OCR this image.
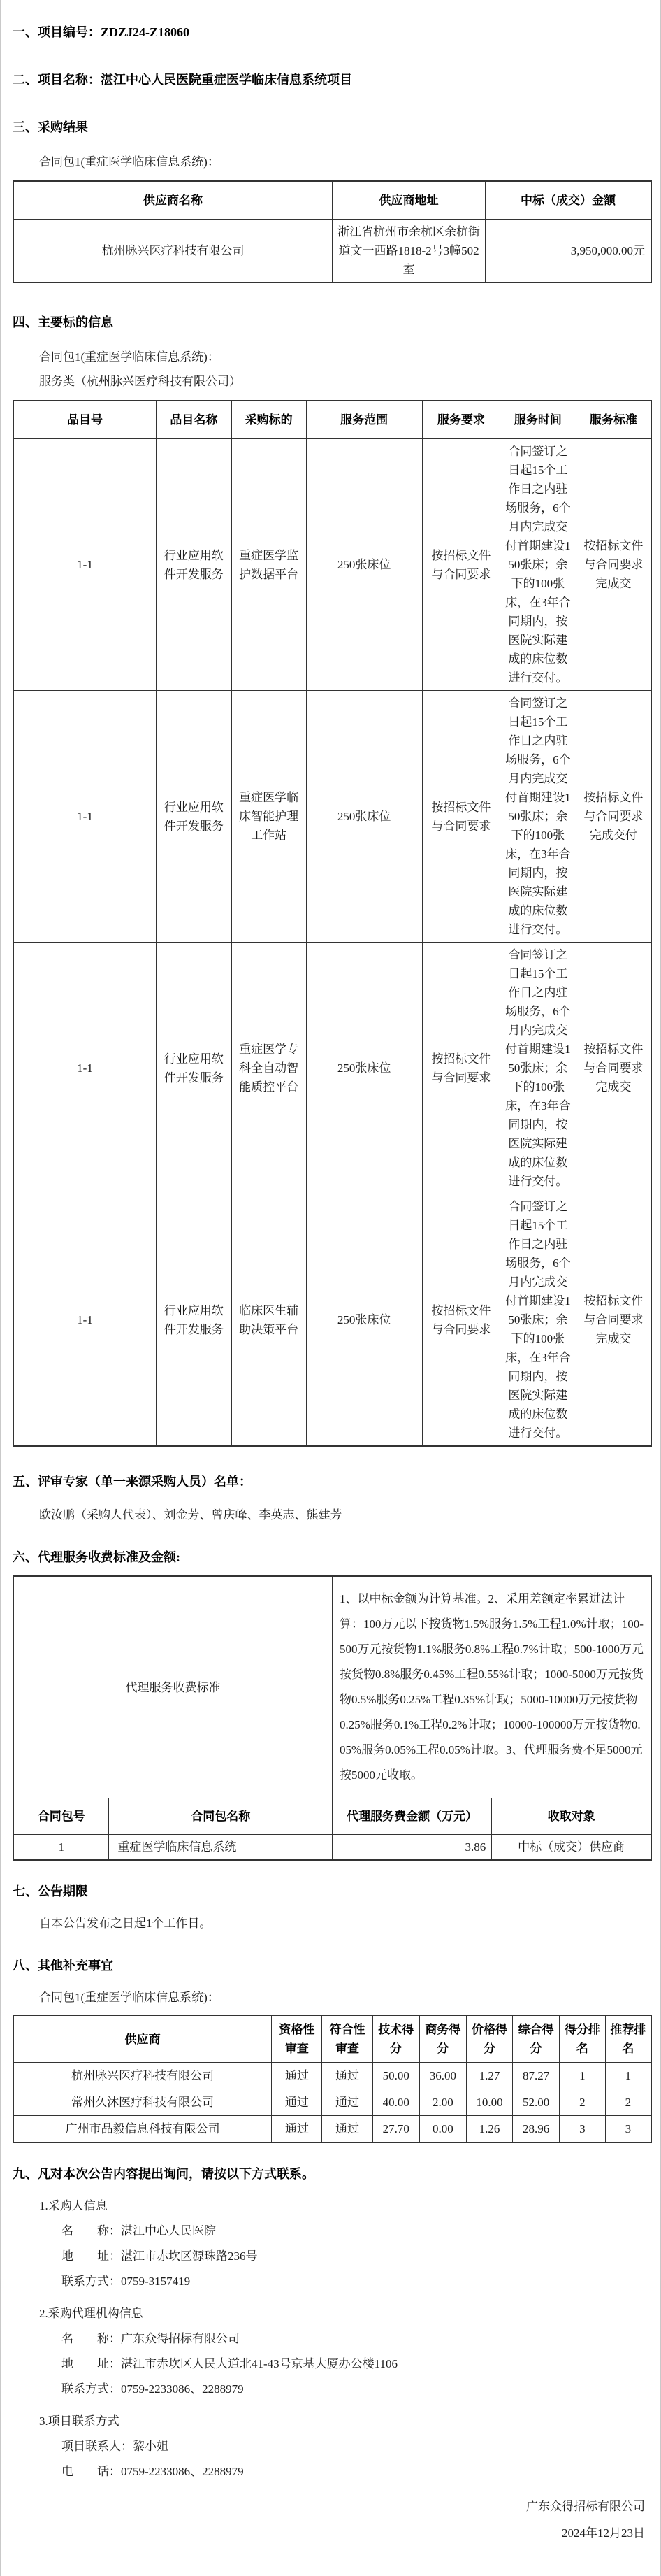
一、项目编号：ZDZJ24-Z18060
二、项目名称：湛江中心人民医院重症医学临床信息系统项目
三、采购结果
合同包1(重症医学临床信息系统)：
供应商名称	供应商地址	中标（成交）金额
杭州脉兴医疗科技有限公司	浙江省杭州市余杭区余杭街道文一西路1818-2号3幢502室	3,950,000.00元
四、主要标的信息
合同包1(重症医学临床信息系统)：
服务类（杭州脉兴医疗科技有限公司）
品目号	品目名称	采购标的	服务范围	服务要求	服务时间	服务标准
1-1	行业应用软件开发服务	重症医学监护数据平台	250张床位	按招标文件与合同要求	合同签订之日起15个工作日之内驻场服务，6个月内完成交付首期建设150张床；余下的100张床，在3年合同期内，按医院实际建成的床位数进行交付。	按招标文件与合同要求完成交
1-1	行业应用软件开发服务	重症医学临床智能护理工作站	250张床位	按招标文件与合同要求	合同签订之日起15个工作日之内驻场服务，6个月内完成交付首期建设150张床；余下的100张床，在3年合同期内，按医院实际建成的床位数进行交付。	按招标文件与合同要求完成交付
1-1	行业应用软件开发服务	重症医学专科全自动智能质控平台	250张床位	按招标文件与合同要求	合同签订之日起15个工作日之内驻场服务，6个月内完成交付首期建设150张床；余下的100张床，在3年合同期内，按医院实际建成的床位数进行交付。	按招标文件与合同要求完成交
1-1	行业应用软件开发服务	临床医生辅助决策平台	250张床位	按招标文件与合同要求	合同签订之日起15个工作日之内驻场服务，6个月内完成交付首期建设150张床；余下的100张床，在3年合同期内，按医院实际建成的床位数进行交付。	按招标文件与合同要求完成交
五、评审专家（单一来源采购人员）名单：
欧汝鹏（采购人代表）、刘金芳、曾庆峰、李英志、熊建芳
六、代理服务收费标准及金额:
代理服务收费标准		1、以中标金额为计算基准。2、采用差额定率累进法计算：100万元以下按货物1.5%服务1.5%工程1.0%计取；100-500万元按货物1.1%服务0.8%工程0.7%计取；500-1000万元按货物0.8%服务0.45%工程0.55%计取；1000-5000万元按货物0.5%服务0.25%工程0.35%计取；5000-10000万元按货物0.25%服务0.1%工程0.2%计取；10000-100000万元按货物0.05%服务0.05%工程0.05%计取。3、代理服务费不足5000元按5000元收取。	
合同包号	合同包名称	代理服务费金额（万元）	收取对象
1	重症医学临床信息系统	3.86	中标（成交）供应商
七、公告期限
自本公告发布之日起1个工作日。
八、其他补充事宜
合同包1(重症医学临床信息系统)：
供应商	资格性审查	符合性审查	技术得分	商务得分	价格得分	综合得分	得分排名	推荐排名
杭州脉兴医疗科技有限公司	通过	通过	50.00	36.00	1.27	87.27	1	1
常州久沐医疗科技有限公司	通过	通过	40.00	2.00	10.00	52.00	2	2
广州市品毅信息科技有限公司	通过	通过	27.70	0.00	1.26	28.96	3	3
九、凡对本次公告内容提出询问，请按以下方式联系。
1.采购人信息
名　　称：湛江中心人民医院
地　　址：湛江市赤坎区源珠路236号
联系方式：0759-3157419
2.采购代理机构信息
名　　称：广东众得招标有限公司
地　　址：湛江市赤坎区人民大道北41-43号京基大厦办公楼1106
联系方式：0759-2233086、2288979
3.项目联系方式
项目联系人：黎小姐
电　　话：0759-2233086、2288979
广东众得招标有限公司
2024年12月23日
